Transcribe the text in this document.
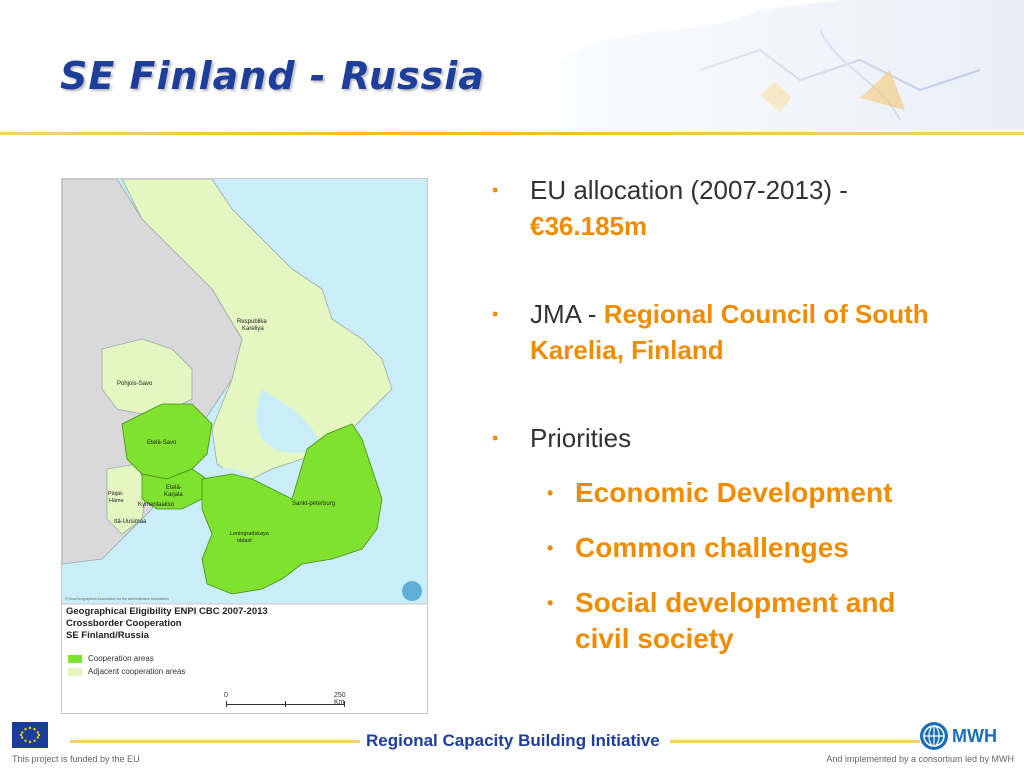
SE Finland - Russia
Respublika Kareliya
Pohjois-Savo
Etelä-Savo
Etelä-Karjala
Päijät-Häme
Kymenlaakso
Itä-Uusimaa
Sankt-peterburg
Leningradskaya oblast'
© EuroGeographics Association for the administrative boundaries
Geographical Eligibility ENPI CBC 2007-2013
Crossborder Cooperation
SE Finland/Russia
Cooperation areas
Adjacent cooperation areas
0	250 Km
• EU allocation (2007-2013) -
€36.185m
• JMA - Regional Council of South Karelia, Finland
• Priorities
• Economic Development
• Common challenges
• Social development and civil society
Regional Capacity Building Initiative	MWH
This project is funded by the EU	And implemented by a consortium led by MWH
